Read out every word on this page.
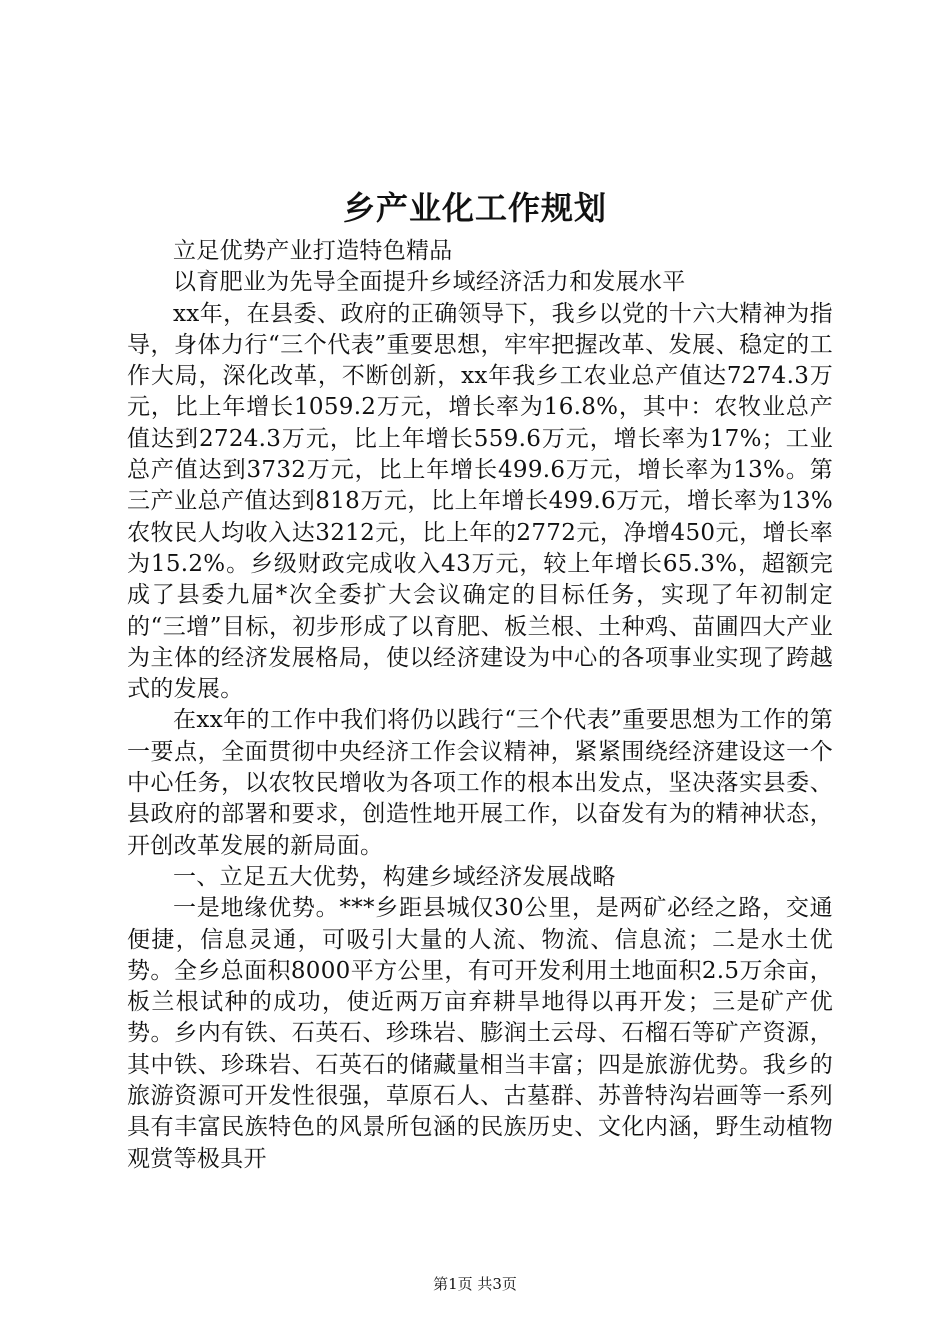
乡产业化工作规划

立足优势产业打造特色精品

以育肥业为先导全面提升乡域经济活力和发展水平

xx年，在县委、政府的正确领导下，我乡以党的十六大精神为指导，身体力行“三个代表”重要思想，牢牢把握改革、发展、稳定的工作大局，深化改革，不断创新，xx年我乡工农业总产值达7274.3万元，比上年增长1059.2万元，增长率为16.8%，其中：农牧业总产值达到2724.3万元，比上年增长559.6万元，增长率为17%；工业总产值达到3732万元，比上年增长499.6万元，增长率为13%。第三产业总产值达到818万元，比上年增长499.6万元，增长率为13%农牧民人均收入达3212元，比上年的2772元，净增450元，增长率为15.2%。乡级财政完成收入43万元，较上年增长65.3%，超额完成了县委九届*次全委扩大会议确定的目标任务，实现了年初制定的“三增”目标，初步形成了以育肥、板兰根、土种鸡、苗圃四大产业为主体的经济发展格局，使以经济建设为中心的各项事业实现了跨越式的发展。

在xx年的工作中我们将仍以践行“三个代表”重要思想为工作的第一要点，全面贯彻中央经济工作会议精神，紧紧围绕经济建设这一个中心任务，以农牧民增收为各项工作的根本出发点，坚决落实县委、县政府的部署和要求，创造性地开展工作，以奋发有为的精神状态，开创改革发展的新局面。

一、立足五大优势，构建乡域经济发展战略

一是地缘优势。***乡距县城仅30公里，是两矿必经之路，交通便捷，信息灵通，可吸引大量的人流、物流、信息流；二是水土优势。全乡总面积8000平方公里，有可开发利用土地面积2.5万余亩，板兰根试种的成功，使近两万亩弃耕旱地得以再开发；三是矿产优势。乡内有铁、石英石、珍珠岩、膨润土云母、石榴石等矿产资源，其中铁、珍珠岩、石英石的储藏量相当丰富；四是旅游优势。我乡的旅游资源可开发性很强，草原石人、古墓群、苏普特沟岩画等一系列具有丰富民族特色的风景所包涵的民族历史、文化内涵，野生动植物观赏等极具开

第1页 共3页
